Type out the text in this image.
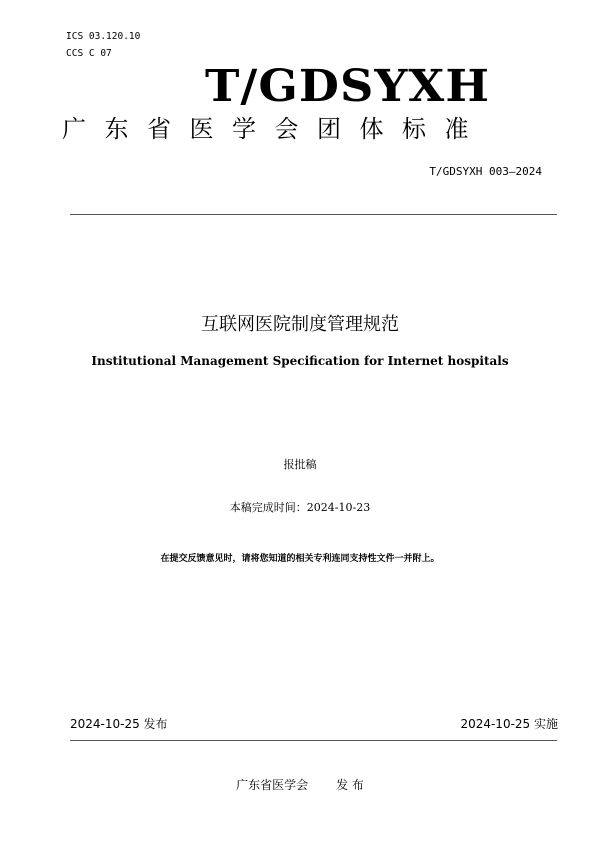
ICS 03.120.10
CCS C 07
T/GDSYXH
广东省医学会团体标准
T/GDSYXH 003—2024
互联网医院制度管理规范
Institutional Management Specification for Internet hospitals
报批稿
本稿完成时间：2024-10-23
在提交反馈意见时，请将您知道的相关专利连同支持性文件一并附上。
2024-10-25 发布	2024-10-25 实施
广东省医学会 发 布
